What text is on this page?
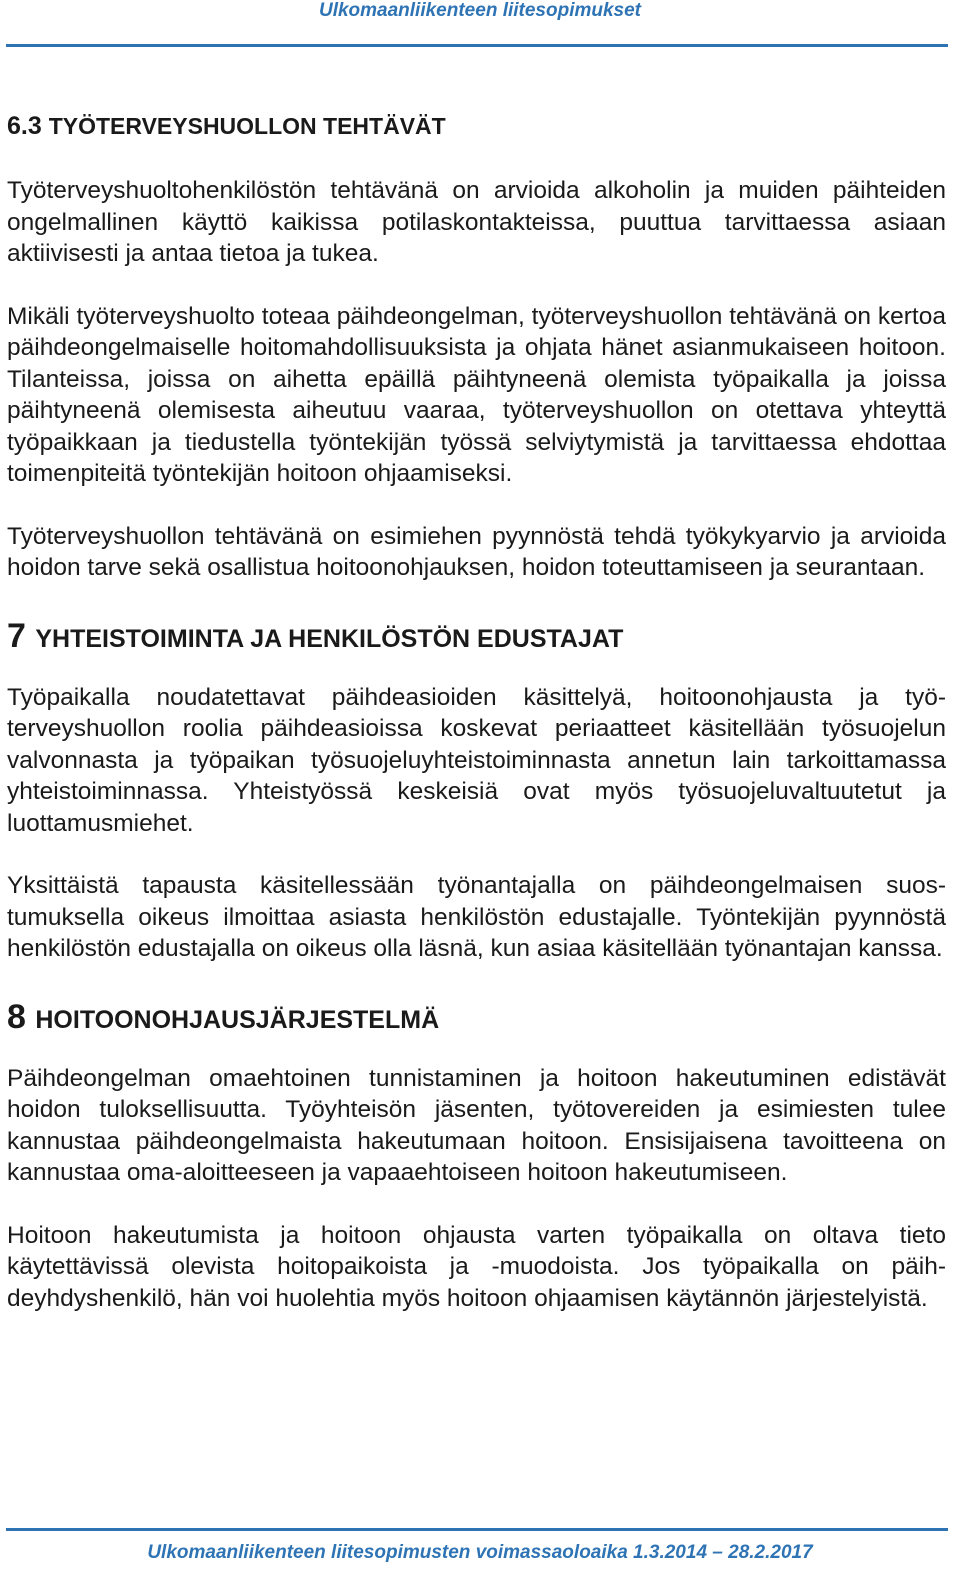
Ulkomaanliikenteen liitesopimukset
6.3 TYÖTERVEYSHUOLLON TEHTÄVÄT

Työterveyshuoltohenkilöstön tehtävänä on arvioida alkoholin ja muiden päihteiden ongelmallinen käyttö kaikissa potilaskontakteissa, puuttua tarvittaessa asiaan aktiivisesti ja antaa tietoa ja tukea.

Mikäli työterveyshuolto toteaa päihdeongelman, työterveyshuollon tehtävänä on kertoa päihdeongelmaiselle hoitomahdollisuuksista ja ohjata hänet asianmukaiseen hoitoon. Tilanteissa, joissa on aihetta epäillä päihtyneenä olemista työpaikalla ja joissa päihtyneenä olemisesta aiheutuu vaaraa, työterveyshuollon on otettava yhteyttä työpaikkaan ja tiedustella työntekijän työssä selviytymistä ja tarvittaessa ehdottaa toimenpiteitä työntekijän hoitoon ohjaamiseksi.

Työterveyshuollon tehtävänä on esimiehen pyynnöstä tehdä työkykyarvio ja arvioida hoidon tarve sekä osallistua hoitoonohjauksen, hoidon toteuttamiseen ja seurantaan.

7 YHTEISTOIMINTA JA HENKILÖSTÖN EDUSTAJAT

Työpaikalla noudatettavat päihdeasioiden käsittelyä, hoitoonohjausta ja työterveyshuollon roolia päihdeasioissa koskevat periaatteet käsitellään työsuojelun valvonnasta ja työpaikan työsuojeluyhteistoiminnasta annetun lain tarkoittamassa yhteistoiminnassa. Yhteistyössä keskeisiä ovat myös työsuojeluvaltuutetut ja luottamusmiehet.

Yksittäistä tapausta käsitellessään työnantajalla on päihdeongelmaisen suostumuksella oikeus ilmoittaa asiasta henkilöstön edustajalle. Työntekijän pyynnöstä henkilöstön edustajalla on oikeus olla läsnä, kun asiaa käsitellään työnantajan kanssa.

8 HOITOONOHJAUSJÄRJESTELMÄ

Päihdeongelman omaehtoinen tunnistaminen ja hoitoon hakeutuminen edistävät hoidon tuloksellisuutta. Työyhteisön jäsenten, työtovereiden ja esimiesten tulee kannustaa päihdeongelmaista hakeutumaan hoitoon. Ensisijaisena tavoitteena on kannustaa oma-aloitteeseen ja vapaaehtoiseen hoitoon hakeutumiseen.

Hoitoon hakeutumista ja hoitoon ohjausta varten työpaikalla on oltava tieto käytettävissä olevista hoitopaikoista ja -muodoista. Jos työpaikalla on päihdeyhdyshenkilö, hän voi huolehtia myös hoitoon ohjaamisen käytännön järjestelyistä.

Ulkomaanliikenteen liitesopimusten voimassaoloaika 1.3.2014 – 28.2.2017
